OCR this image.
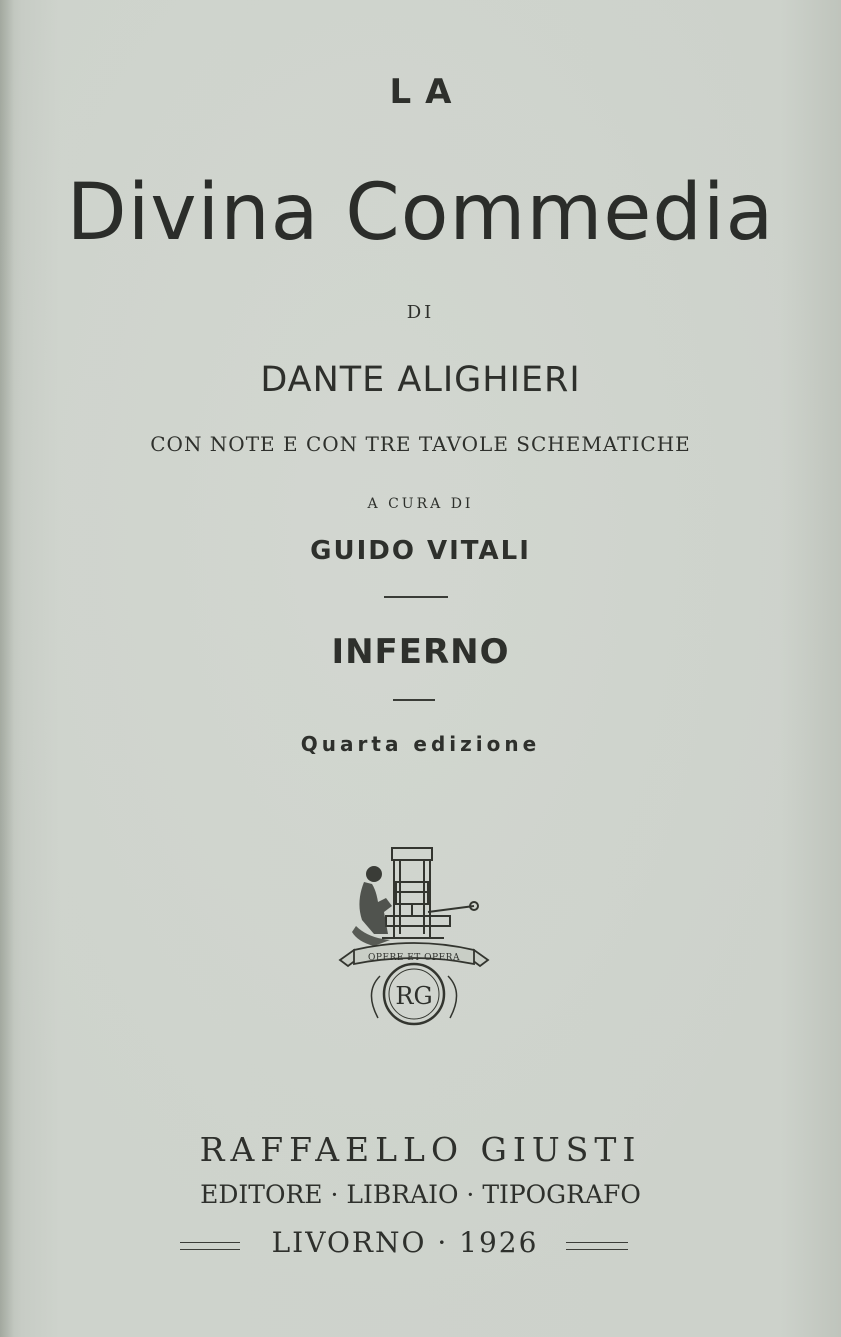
LA
Divina Commedia
DI
DANTE ALIGHIERI
CON NOTE E CON TRE TAVOLE SCHEMATICHE
A CURA DI
GUIDO VITALI
INFERNO
Quarta edizione
OPERE ET OPERA
RG
RAFFAELLO GIUSTI
EDITORE · LIBRAIO · TIPOGRAFO
LIVORNO · 1926
